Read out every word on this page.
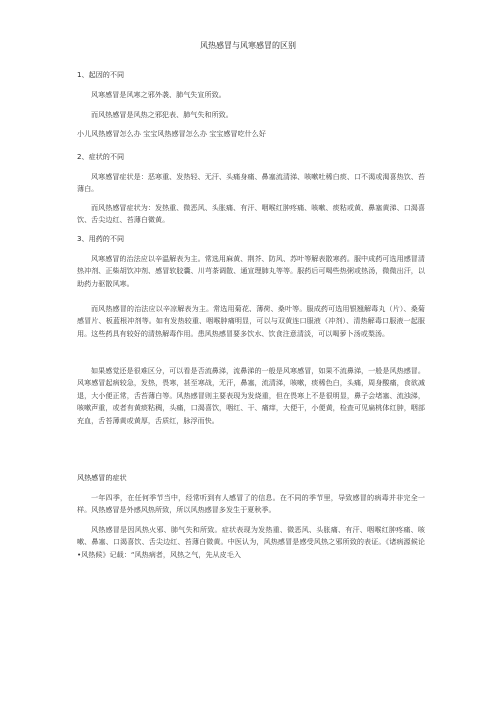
风热感冒与风寒感冒的区别

1、起因的不同

风寒感冒是风寒之邪外袭、肺气失宣所致。

而风热感冒是风热之邪犯表、肺气失和所致。

小儿风热感冒怎么办 宝宝风热感冒怎么办 宝宝感冒吃什么好

2、症状的不同

风寒感冒症状是：恶寒重、发热轻、无汗、头痛身痛、鼻塞流清涕、咳嗽吐稀白痰、口不渴或渴喜热饮、苔薄白。

而风热感冒症状为：发热重、微恶风、头胀痛、有汗、咽喉红肿疼痛、咳嗽、痰粘或黄、鼻塞黄涕、口渴喜饮、舌尖边红、苔薄白微黄。

3、用药的不同

风寒感冒的治法应以辛温解表为主。常选用麻黄、荆芥、防风、苏叶等解表散寒药。服中成药可选用感冒清热冲剂、正柴胡饮冲剂、感冒软胶囊、川芎茶调散、通宣理肺丸等等。服药后可喝些热粥或热汤，微微出汗，以助药力驱散风寒。

而风热感冒的治法应以辛凉解表为主。常选用菊花、薄荷、桑叶等。服成药可选用银翘解毒丸（片）、桑菊感冒片、板蓝根冲剂等。如有发热较重、咽喉肿痛明显，可以与双黄连口服液（冲剂）、清热解毒口服液一起服用。这些药具有较好的清热解毒作用。患风热感冒要多饮水、饮食注意清淡，可以喝萝卜汤或梨汤。

如果感觉还是很难区分，可以看是否流鼻涕，流鼻涕的一般是风寒感冒，如果不流鼻涕，一般是风热感冒。风寒感冒起病较急，发热，畏寒，甚至寒战，无汗，鼻塞，流清涕，咳嗽，痰稀色白，头痛，周身酸痛，食欲减退，大小便正常，舌苔薄白等。风热感冒则主要表现为发烧重，但在畏寒上不是很明显，鼻子会堵塞、流浊涕，咳嗽声重，或者有黄痰粘稠，头痛，口渴喜饮，咽红、干、痛痒，大便干，小便黄，检查可见扁桃体红肿，咽部充血，舌苔薄黄或黄厚，舌质红，脉浮而快。

风热感冒的症状

一年四季，在任何季节当中，经常听到有人感冒了的信息。在不同的季节里，导致感冒的病毒并非完全一样。风热感冒是外感风热所致，所以风热感冒多发生于夏秋季。

风热感冒是因风热火邪、肺气失和所致。症状表现为发热重、微恶风、头胀痛、有汗、咽喉红肿疼痛、咳嗽、鼻塞、口渴喜饮、舌尖边红、苔薄白微黄。中医认为，风热感冒是感受风热之邪所致的表证。《诸病源候论•风热候》记载：“风热病者，风热之气，先从皮毛入
